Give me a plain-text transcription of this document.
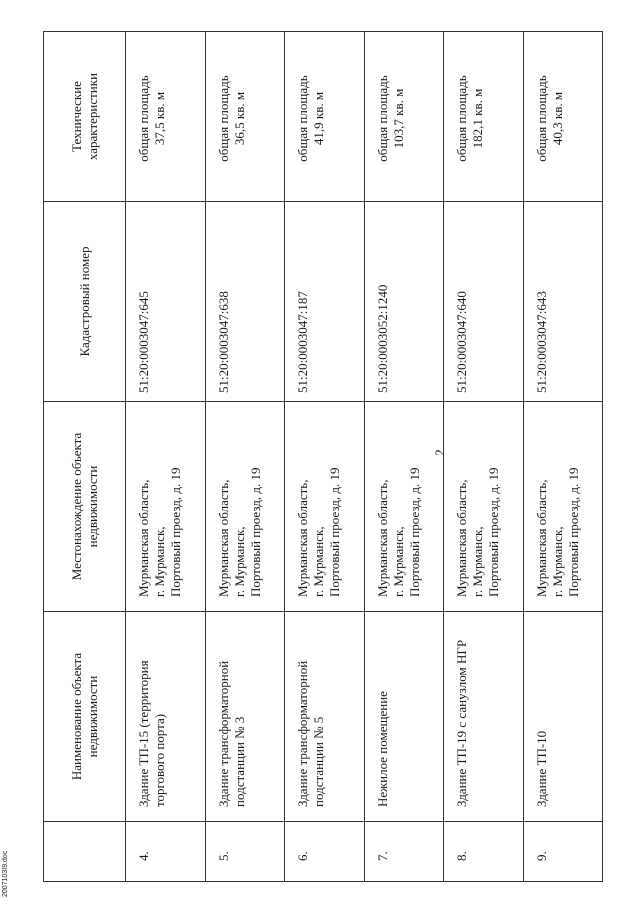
2
	Наименование объекта недвижимости	Местонахождение объекта недвижимости	Кадастровый номер	Технические характеристики
4.	Здание ТП-15 (территория торгового порта)	Мурманская область,
г. Мурманск,
Портовый проезд, д. 19	51:20:0003047:645	общая площадь
37,5 кв. м
5.	Здание трансформаторной подстанции № 3	Мурманская область,
г. Мурманск,
Портовый проезд, д. 19	51:20:0003047:638	общая площадь
36,5 кв. м
6.	Здание трансформаторной подстанции № 5	Мурманская область,
г. Мурманск,
Портовый проезд, д. 19	51:20:0003047:187	общая площадь
41,9 кв. м
7.	Нежилое помещение	Мурманская область,
г. Мурманск,
Портовый проезд, д. 19	51:20:0003052:1240	общая площадь
103,7 кв. м
8.	Здание ТП-19 с санузлом НГР	Мурманская область,
г. Мурманск,
Портовый проезд, д. 19	51:20:0003047:640	общая площадь
182,1 кв. м
9.	Здание ТП-10	Мурманская область,
г. Мурманск,
Портовый проезд, д. 19	51:20:0003047:643	общая площадь
40,3 кв. м
2007103I9.doc
